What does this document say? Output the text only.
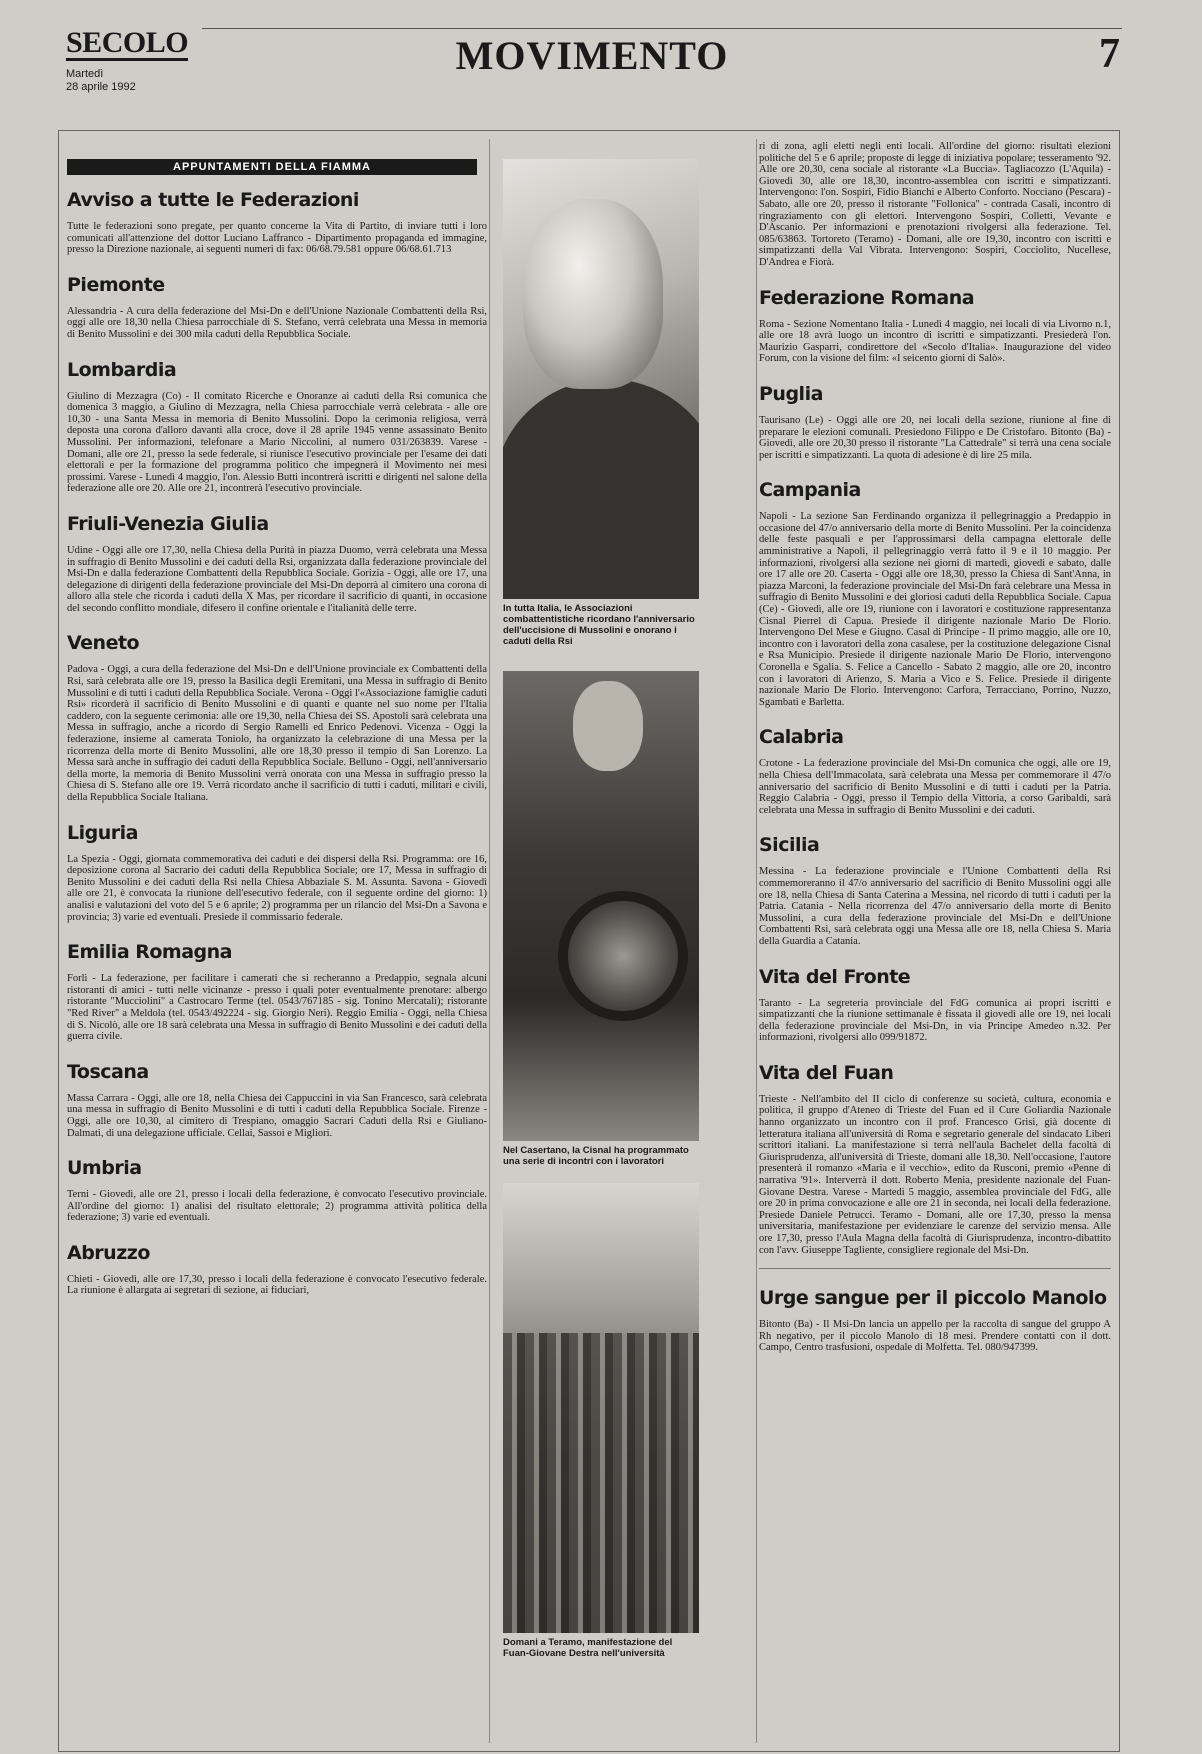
SECOLO
Martedì
28 aprile 1992
MOVIMENTO	7
APPUNTAMENTI DELLA FIAMMA
Avviso a tutte le Federazioni

Tutte le federazioni sono pregate, per quanto concerne la Vita di Partito, di inviare tutti i loro comunicati all'attenzione del dottor Luciano Laffranco - Dipartimento propaganda ed immagine, presso la Direzione nazionale, ai seguenti numeri di fax: 06/68.79.581 oppure 06/68.61.713

Piemonte

Alessandria - A cura della federazione del Msi-Dn e dell'Unione Nazionale Combattenti della Rsi, oggi alle ore 18,30 nella Chiesa parrocchiale di S. Stefano, verrà celebrata una Messa in memoria di Benito Mussolini e dei 300 mila caduti della Repubblica Sociale.

Lombardia

Giulino di Mezzagra (Co) - Il comitato Ricerche e Onoranze ai caduti della Rsi comunica che domenica 3 maggio, a Giulino di Mezzagra, nella Chiesa parrocchiale verrà celebrata - alle ore 10,30 - una Santa Messa in memoria di Benito Mussolini. Dopo la cerimonia religiosa, verrà deposta una corona d'alloro davanti alla croce, dove il 28 aprile 1945 venne assassinato Benito Mussolini. Per informazioni, telefonare a Mario Niccolini, al numero 031/263839. Varese - Domani, alle ore 21, presso la sede federale, si riunisce l'esecutivo provinciale per l'esame dei dati elettorali e per la formazione del programma politico che impegnerà il Movimento nei mesi prossimi. Varese - Lunedì 4 maggio, l'on. Alessio Butti incontrerà iscritti e dirigenti nel salone della federazione alle ore 20. Alle ore 21, incontrerà l'esecutivo provinciale.

Friuli-Venezia Giulia

Udine - Oggi alle ore 17,30, nella Chiesa della Purità in piazza Duomo, verrà celebrata una Messa in suffragio di Benito Mussolini e dei caduti della Rsi, organizzata dalla federazione provinciale del Msi-Dn e dalla federazione Combattenti della Repubblica Sociale. Gorizia - Oggi, alle ore 17, una delegazione di dirigenti della federazione provinciale del Msi-Dn deporrà al cimitero una corona di alloro alla stele che ricorda i caduti della X Mas, per ricordare il sacrificio di quanti, in occasione del secondo conflitto mondiale, difesero il confine orientale e l'italianità delle terre.

Veneto

Padova - Oggi, a cura della federazione del Msi-Dn e dell'Unione provinciale ex Combattenti della Rsi, sarà celebrata alle ore 19, presso la Basilica degli Eremitani, una Messa in suffragio di Benito Mussolini e di tutti i caduti della Repubblica Sociale. Verona - Oggi l'«Associazione famiglie caduti Rsi» ricorderà il sacrificio di Benito Mussolini e di quanti e quante nel suo nome per l'Italia caddero, con la seguente cerimonia: alle ore 19,30, nella Chiesa dei SS. Apostoli sarà celebrata una Messa in suffragio, anche a ricordo di Sergio Ramelli ed Enrico Pedenovi. Vicenza - Oggi la federazione, insieme al camerata Toniolo, ha organizzato la celebrazione di una Messa per la ricorrenza della morte di Benito Mussolini, alle ore 18,30 presso il tempio di San Lorenzo. La Messa sarà anche in suffragio dei caduti della Repubblica Sociale. Belluno - Oggi, nell'anniversario della morte, la memoria di Benito Mussolini verrà onorata con una Messa in suffragio presso la Chiesa di S. Stefano alle ore 19. Verrà ricordato anche il sacrificio di tutti i caduti, militari e civili, della Repubblica Sociale Italiana.

Liguria

La Spezia - Oggi, giornata commemorativa dei caduti e dei dispersi della Rsi. Programma: ore 16, deposizione corona al Sacrario dei caduti della Repubblica Sociale; ore 17, Messa in suffragio di Benito Mussolini e dei caduti della Rsi nella Chiesa Abbaziale S. M. Assunta. Savona - Giovedì alle ore 21, è convocata la riunione dell'esecutivo federale, con il seguente ordine del giorno: 1) analisi e valutazioni del voto del 5 e 6 aprile; 2) programma per un rilancio del Msi-Dn a Savona e provincia; 3) varie ed eventuali. Presiede il commissario federale.

Emilia Romagna

Forlì - La federazione, per facilitare i camerati che si recheranno a Predappio, segnala alcuni ristoranti di amici - tutti nelle vicinanze - presso i quali poter eventualmente prenotare: albergo ristorante "Mucciolini" a Castrocaro Terme (tel. 0543/767185 - sig. Tonino Mercatali); ristorante "Red River" a Meldola (tel. 0543/492224 - sig. Giorgio Neri). Reggio Emilia - Oggi, nella Chiesa di S. Nicolò, alle ore 18 sarà celebrata una Messa in suffragio di Benito Mussolini e dei caduti della guerra civile.

Toscana

Massa Carrara - Oggi, alle ore 18, nella Chiesa dei Cappuccini in via San Francesco, sarà celebrata una messa in suffragio di Benito Mussolini e di tutti i caduti della Repubblica Sociale. Firenze - Oggi, alle ore 10,30, al cimitero di Trespiano, omaggio Sacrari Caduti della Rsi e Giuliano-Dalmati, di una delegazione ufficiale. Cellai, Sassoi e Migliori.

Umbria

Terni - Giovedì, alle ore 21, presso i locali della federazione, è convocato l'esecutivo provinciale. All'ordine del giorno: 1) analisi del risultato elettorale; 2) programma attività politica della federazione; 3) varie ed eventuali.

Abruzzo

Chieti - Giovedì, alle ore 17,30, presso i locali della federazione è convocato l'esecutivo federale. La riunione è allargata ai segretari di sezione, ai fiduciari,

In tutta Italia, le Associazioni combattentistiche ricordano l'anniversario dell'uccisione di Mussolini e onorano i caduti della Rsi
Nel Casertano, la Cisnal ha programmato una serie di incontri con i lavoratori
Domani a Teramo, manifestazione del Fuan-Giovane Destra nell'università

ri di zona, agli eletti negli enti locali. All'ordine del giorno: risultati elezioni politiche del 5 e 6 aprile; proposte di legge di iniziativa popolare; tesseramento '92. Alle ore 20,30, cena sociale al ristorante «La Buccia». Tagliacozzo (L'Aquila) - Giovedì 30, alle ore 18,30, incontro-assemblea con iscritti e simpatizzanti. Intervengono: l'on. Sospiri, Fidio Bianchi e Alberto Conforto. Nocciano (Pescara) - Sabato, alle ore 20, presso il ristorante "Follonica" - contrada Casali, incontro di ringraziamento con gli elettori. Intervengono Sospiri, Colletti, Vevante e D'Ascanio. Per informazioni e prenotazioni rivolgersi alla federazione. Tel. 085/63863. Tortoreto (Teramo) - Domani, alle ore 19,30, incontro con iscritti e simpatizzanti della Val Vibrata. Intervengono: Sospiri, Cocciolito, Nucellese, D'Andrea e Fiorà.

Federazione Romana

Roma - Sezione Nomentano Italia - Lunedì 4 maggio, nei locali di via Livorno n.1, alle ore 18 avrà luogo un incontro di iscritti e simpatizzanti. Presiederà l'on. Maurizio Gasparri, condirettore del «Secolo d'Italia». Inaugurazione del video Forum, con la visione del film: «I seicento giorni di Salò».

Puglia

Taurisano (Le) - Oggi alle ore 20, nei locali della sezione, riunione al fine di preparare le elezioni comunali. Presiedono Filippo e De Cristofaro. Bitonto (Ba) - Giovedì, alle ore 20,30 presso il ristorante "La Cattedrale" si terrà una cena sociale per iscritti e simpatizzanti. La quota di adesione è di lire 25 mila.

Campania

Napoli - La sezione San Ferdinando organizza il pellegrinaggio a Predappio in occasione del 47/o anniversario della morte di Benito Mussolini. Per la coincidenza delle feste pasquali e per l'approssimarsi della campagna elettorale delle amministrative a Napoli, il pellegrinaggio verrà fatto il 9 e il 10 maggio. Per informazioni, rivolgersi alla sezione nei giorni di martedì, giovedì e sabato, dalle ore 17 alle ore 20. Caserta - Oggi alle ore 18,30, presso la Chiesa di Sant'Anna, in piazza Marconi, la federazione provinciale del Msi-Dn farà celebrare una Messa in suffragio di Benito Mussolini e dei gloriosi caduti della Repubblica Sociale. Capua (Ce) - Giovedì, alle ore 19, riunione con i lavoratori e costituzione rappresentanza Cisnal Pierrel di Capua. Presiede il dirigente nazionale Mario De Florio. Intervengono Del Mese e Giugno. Casal di Principe - Il primo maggio, alle ore 10, incontro con i lavoratori della zona casalese, per la costituzione delegazione Cisnal e Rsa Municipio. Presiede il dirigente nazionale Mario De Florio, intervengono Coronella e Sgalia. S. Felice a Cancello - Sabato 2 maggio, alle ore 20, incontro con i lavoratori di Arienzo, S. Maria a Vico e S. Felice. Presiede il dirigente nazionale Mario De Florio. Intervengono: Carfora, Terracciano, Porrino, Nuzzo, Sgambati e Barletta.

Calabria

Crotone - La federazione provinciale del Msi-Dn comunica che oggi, alle ore 19, nella Chiesa dell'Immacolata, sarà celebrata una Messa per commemorare il 47/o anniversario del sacrificio di Benito Mussolini e di tutti i caduti per la Patria. Reggio Calabria - Oggi, presso il Tempio della Vittoria, a corso Garibaldi, sarà celebrata una Messa in suffragio di Benito Mussolini e dei caduti.

Sicilia

Messina - La federazione provinciale e l'Unione Combattenti della Rsi commemoreranno il 47/o anniversario del sacrificio di Benito Mussolini oggi alle ore 18, nella Chiesa di Santa Caterina a Messina, nel ricordo di tutti i caduti per la Patria. Catania - Nella ricorrenza del 47/o anniversario della morte di Benito Mussolini, a cura della federazione provinciale del Msi-Dn e dell'Unione Combattenti Rsi, sarà celebrata oggi una Messa alle ore 18, nella Chiesa S. Maria della Guardia a Catania.

Vita del Fronte

Taranto - La segreteria provinciale del FdG comunica ai propri iscritti e simpatizzanti che la riunione settimanale è fissata il giovedì alle ore 19, nei locali della federazione provinciale del Msi-Dn, in via Principe Amedeo n.32. Per informazioni, rivolgersi allo 099/91872.

Vita del Fuan

Trieste - Nell'ambito del II ciclo di conferenze su società, cultura, economia e politica, il gruppo d'Ateneo di Trieste del Fuan ed il Cure Goliardia Nazionale hanno organizzato un incontro con il prof. Francesco Grisi, già docente di letteratura italiana all'università di Roma e segretario generale del sindacato Liberi scrittori italiani. La manifestazione si terrà nell'aula Bachelet della facoltà di Giurisprudenza, all'università di Trieste, domani alle 18,30. Nell'occasione, l'autore presenterà il romanzo «Maria e il vecchio», edito da Rusconi, premio «Penne di narrativa '91». Interverrà il dott. Roberto Menia, presidente nazionale del Fuan-Giovane Destra. Varese - Martedì 5 maggio, assemblea provinciale del FdG, alle ore 20 in prima convocazione e alle ore 21 in seconda, nei locali della federazione. Presiede Daniele Petrucci. Teramo - Domani, alle ore 17,30, presso la mensa universitaria, manifestazione per evidenziare le carenze del servizio mensa. Alle ore 17,30, presso l'Aula Magna della facoltà di Giurisprudenza, incontro-dibattito con l'avv. Giuseppe Tagliente, consigliere regionale del Msi-Dn.

Urge sangue per il piccolo Manolo

Bitonto (Ba) - Il Msi-Dn lancia un appello per la raccolta di sangue del gruppo A Rh negativo, per il piccolo Manolo di 18 mesi. Prendere contatti con il dott. Campo, Centro trasfusioni, ospedale di Molfetta. Tel. 080/947399.
